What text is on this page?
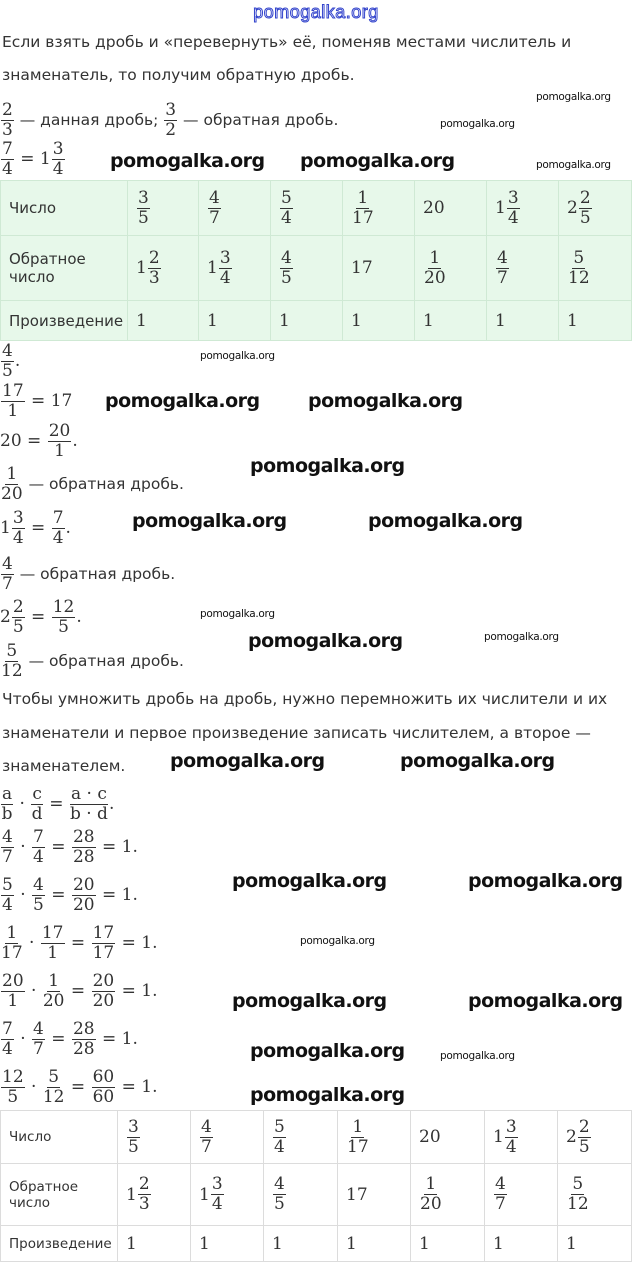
pomogalka.org
Если взять дробь и «перевернуть» её, поменяв местами числитель и
знаменатель, то получим обратную дробь.
$\frac{2}{3}$ — данная дробь; $\frac{3}{2}$ — обратная дробь.
$\frac{7}{4} = 1 \frac{3}{4}$
$\frac{4}{5}$ .
$\frac{17}{1} = 17$
$20 = \frac{20}{1}$ .
$\frac{1}{20}$ — обратная дробь.
$1 \frac{3}{4} = \frac{7}{4}$ .
$\frac{4}{7}$ — обратная дробь.
$2 \frac{2}{5} = \frac{12}{5}$ .
$\frac{5}{12}$ — обратная дробь.
$\frac{a}{b} \cdot \frac{c}{d} = \frac{a \cdot c}{b \cdot d}$ .
$\frac{4}{7} \cdot \frac{7}{4} = \frac{28}{28} = 1$.
$\frac{5}{4} \cdot \frac{4}{5} = \frac{20}{20} = 1$.
$\frac{1}{17} \cdot \frac{17}{1} = \frac{17}{17} = 1$.
$\frac{20}{1} \cdot \frac{1}{20} = \frac{20}{20} = 1$.
$\frac{7}{4} \cdot \frac{4}{7} = \frac{28}{28} = 1$.
$\frac{12}{5} \cdot \frac{5}{12} = \frac{60}{60} = 1$.
Число	$\frac{3}{5}$	$\frac{4}{7}$	$\frac{5}{4}$	$\frac{1}{17}$	20	$1 \frac{3}{4}$	$2 \frac{2}{5}$

Обратное число	$1 \frac{2}{3}$	$1 \frac{3}{4}$	$\frac{4}{5}$	17	$\frac{1}{20}$	$\frac{4}{7}$	$\frac{5}{12}$

Произведение	1	1	1	1	1	1	1
Чтобы умножить дробь на дробь, нужно перемножить их числители и их
знаменатели и первое произведение записать числителем, а второе —
знаменателем.
Число	$\frac{3}{5}$	$\frac{4}{7}$	$\frac{5}{4}$	$\frac{1}{17}$	20	$1 \frac{3}{4}$	$2 \frac{2}{5}$

Обратное число	$1 \frac{2}{3}$	$1 \frac{3}{4}$	$\frac{4}{5}$	17	$\frac{1}{20}$	$\frac{4}{7}$	$\frac{5}{12}$

Произведение	1	1	1	1	1	1	1
pomogalka.org pomogalka.org
pomogalka.org
pomogalka.org	pomogalka.org
pomogalka.org	pomogalka.org
pomogalka.org
pomogalka.org	pomogalka.org
pomogalka.org	pomogalka.org
pomogalka.org	pomogalka.org
pomogalka.org
pomogalka.org
pomogalka.org
pomogalka.org
pomogalka.org
pomogalka.org
pomogalka.org
pomogalka.org
pomogalka.org
pomogalka.org
